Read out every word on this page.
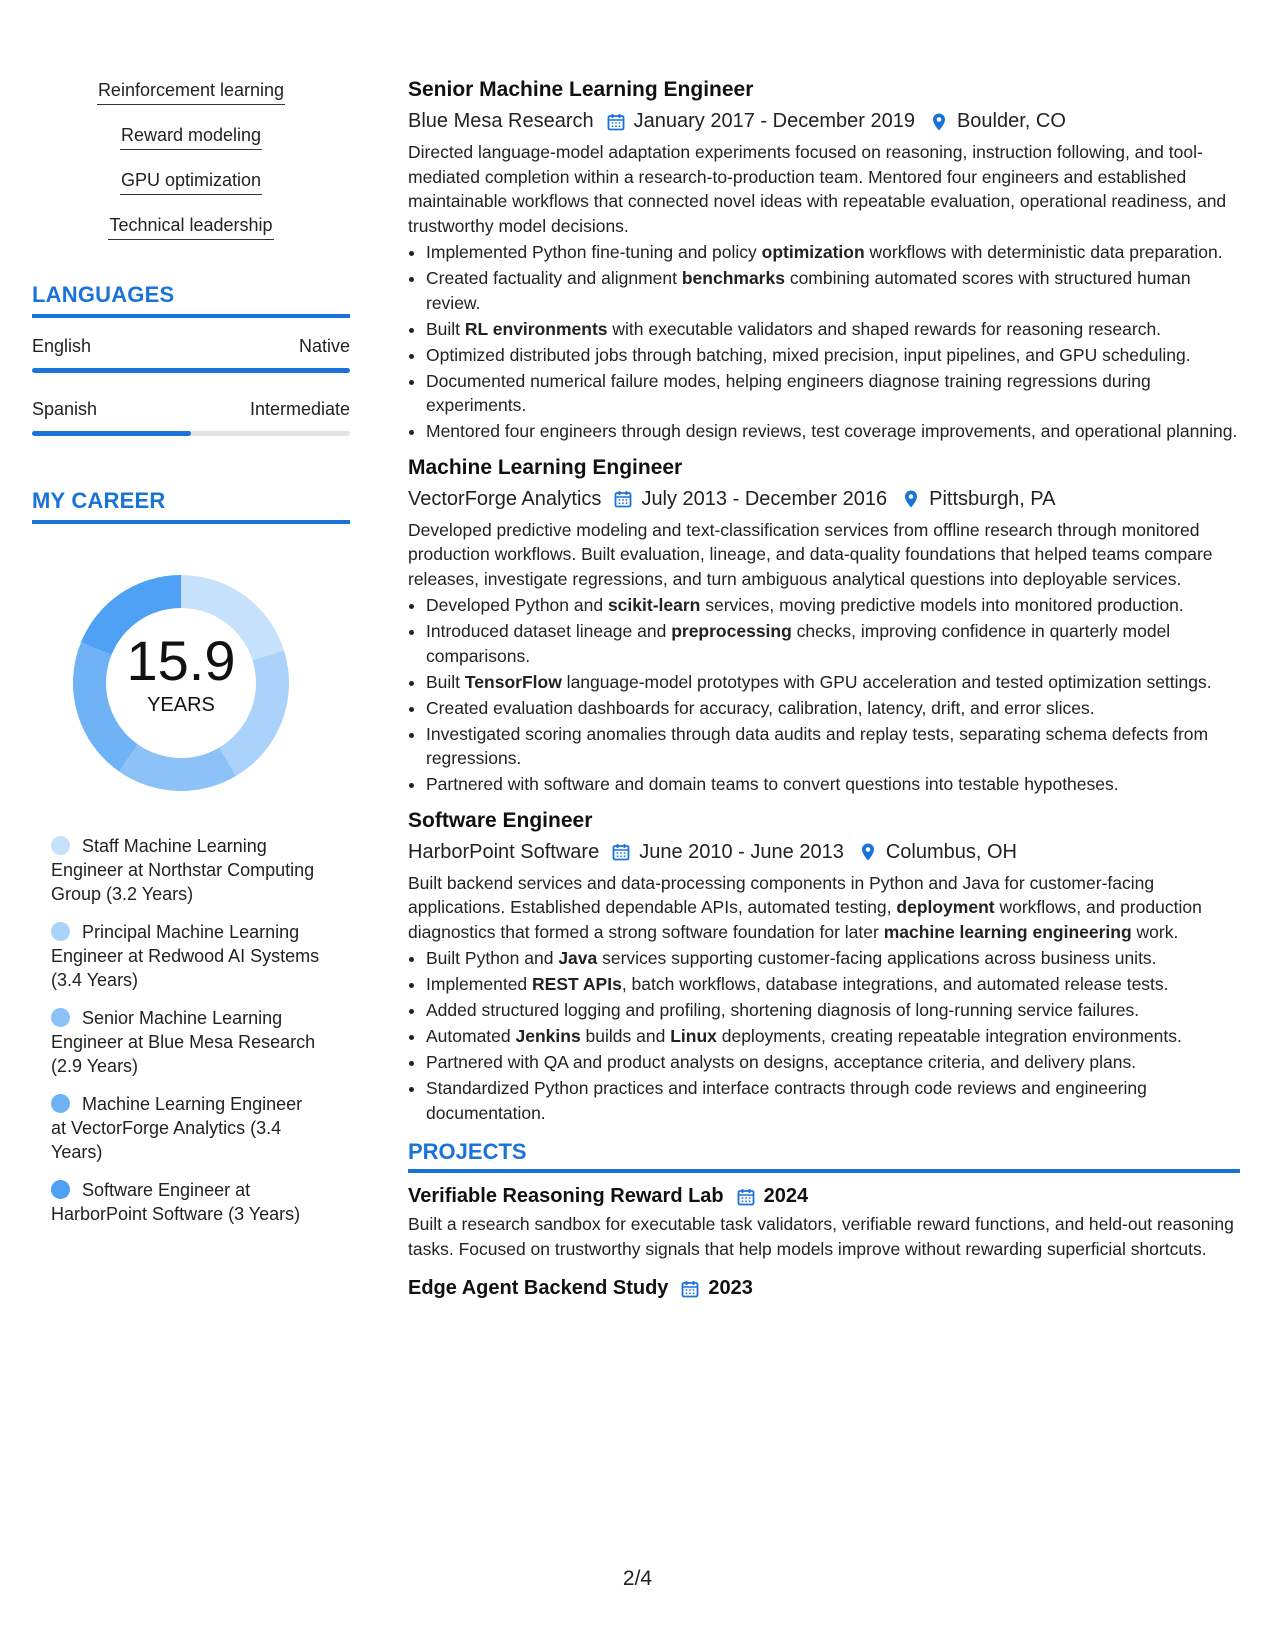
Reinforcement learning
Reward modeling
GPU optimization
Technical leadership
LANGUAGES
English	Native
Spanish	Intermediate
MY CAREER
15.9
YEARS
Staff Machine Learning Engineer at Northstar Computing Group (3.2 Years)
Principal Machine Learning Engineer at Redwood AI Systems (3.4 Years)
Senior Machine Learning Engineer at Blue Mesa Research (2.9 Years)
Machine Learning Engineer at VectorForge Analytics (3.4 Years)
Software Engineer at HarborPoint Software (3 Years)
Senior Machine Learning Engineer
Blue Mesa Research January 2017 - December 2019 Boulder, CO
Directed language-model adaptation experiments focused on reasoning, instruction following, and tool-mediated completion within a research-to-production team. Mentored four engineers and established maintainable workflows that connected novel ideas with repeatable evaluation, operational readiness, and trustworthy model decisions.
• Implemented Python fine-tuning and policy optimization workflows with deterministic data preparation.
• Created factuality and alignment benchmarks combining automated scores with structured human review.
• Built RL environments with executable validators and shaped rewards for reasoning research.
• Optimized distributed jobs through batching, mixed precision, input pipelines, and GPU scheduling.
• Documented numerical failure modes, helping engineers diagnose training regressions during experiments.
• Mentored four engineers through design reviews, test coverage improvements, and operational planning.
Machine Learning Engineer
VectorForge Analytics July 2013 - December 2016 Pittsburgh, PA
Developed predictive modeling and text-classification services from offline research through monitored production workflows. Built evaluation, lineage, and data-quality foundations that helped teams compare releases, investigate regressions, and turn ambiguous analytical questions into deployable services.
• Developed Python and scikit-learn services, moving predictive models into monitored production.
• Introduced dataset lineage and preprocessing checks, improving confidence in quarterly model comparisons.
• Built TensorFlow language-model prototypes with GPU acceleration and tested optimization settings.
• Created evaluation dashboards for accuracy, calibration, latency, drift, and error slices.
• Investigated scoring anomalies through data audits and replay tests, separating schema defects from regressions.
• Partnered with software and domain teams to convert questions into testable hypotheses.
Software Engineer
HarborPoint Software June 2010 - June 2013 Columbus, OH
Built backend services and data-processing components in Python and Java for customer-facing applications. Established dependable APIs, automated testing, deployment workflows, and production diagnostics that formed a strong software foundation for later machine learning engineering work.
• Built Python and Java services supporting customer-facing applications across business units.
• Implemented REST APIs, batch workflows, database integrations, and automated release tests.
• Added structured logging and profiling, shortening diagnosis of long-running service failures.
• Automated Jenkins builds and Linux deployments, creating repeatable integration environments.
• Partnered with QA and product analysts on designs, acceptance criteria, and delivery plans.
• Standardized Python practices and interface contracts through code reviews and engineering documentation.
PROJECTS
Verifiable Reasoning Reward Lab 2024
Built a research sandbox for executable task validators, verifiable reward functions, and held-out reasoning tasks. Focused on trustworthy signals that help models improve without rewarding superficial shortcuts.
Edge Agent Backend Study 2023
2/4
